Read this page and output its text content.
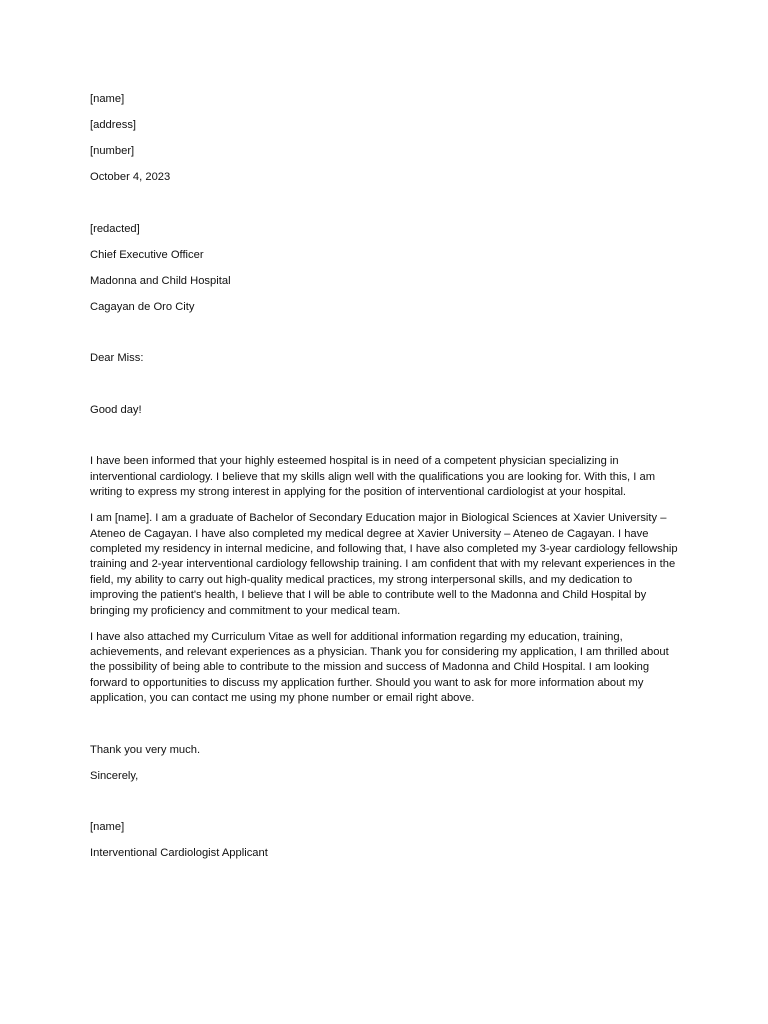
[name]
[address]
[number]
October 4, 2023
[redacted]
Chief Executive Officer
Madonna and Child Hospital
Cagayan de Oro City
Dear Miss:
Good day!

I have been informed that your highly esteemed hospital is in need of a competent physician specializing in interventional cardiology. I believe that my skills align well with the qualifications you are looking for. With this, I am writing to express my strong interest in applying for the position of interventional cardiologist at your hospital.

I am [name]. I am a graduate of Bachelor of Secondary Education major in Biological Sciences at Xavier University – Ateneo de Cagayan. I have also completed my medical degree at Xavier University – Ateneo de Cagayan. I have completed my residency in internal medicine, and following that, I have also completed my 3-year cardiology fellowship training and 2-year interventional cardiology fellowship training. I am confident that with my relevant experiences in the field, my ability to carry out high-quality medical practices, my strong interpersonal skills, and my dedication to improving the patient's health, I believe that I will be able to contribute well to the Madonna and Child Hospital by bringing my proficiency and commitment to your medical team.

I have also attached my Curriculum Vitae as well for additional information regarding my education, training, achievements, and relevant experiences as a physician. Thank you for considering my application, I am thrilled about the possibility of being able to contribute to the mission and success of Madonna and Child Hospital. I am looking forward to opportunities to discuss my application further. Should you want to ask for more information about my application, you can contact me using my phone number or email right above.

Thank you very much.
Sincerely,
[name]
Interventional Cardiologist Applicant
